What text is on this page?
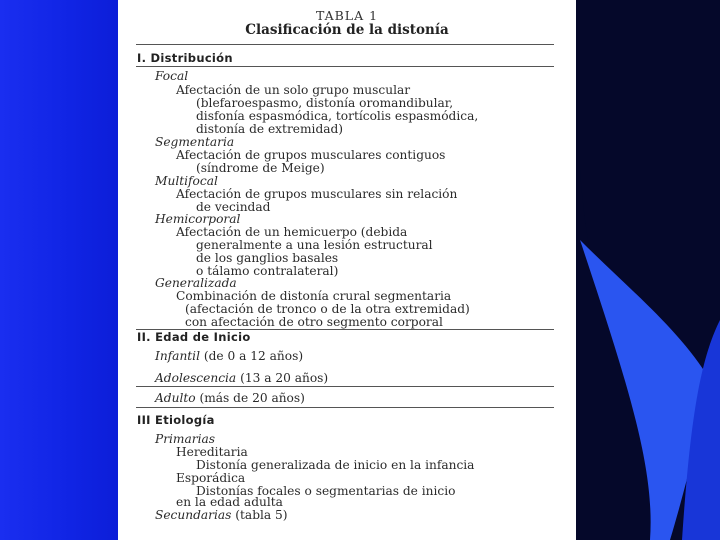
TABLA 1
Clasificación de la distonía
I. Distribución
Focal
Afectación de un solo grupo muscular
(blefaroespasmo, distonía oromandibular,
disfonía espasmódica, tortícolis espasmódica,
distonía de extremidad)
Segmentaria
Afectación de grupos musculares contiguos
(síndrome de Meige)
Multifocal
Afectación de grupos musculares sin relación
de vecindad
Hemicorporal
Afectación de un hemicuerpo (debida
generalmente a una lesión estructural
de los ganglios basales
o tálamo contralateral)
Generalizada
Combinación de distonía crural segmentaria
(afectación de tronco o de la otra extremidad)
con afectación de otro segmento corporal
II. Edad de Inicio
Infantil (de 0 a 12 años)
Adolescencia (13 a 20 años)
Adulto (más de 20 años)
III Etiología
Primarias
Hereditaria
Distonía generalizada de inicio en la infancia
Esporádica
Distonías focales o segmentarias de inicio
en la edad adulta
Secundarias (tabla 5)
